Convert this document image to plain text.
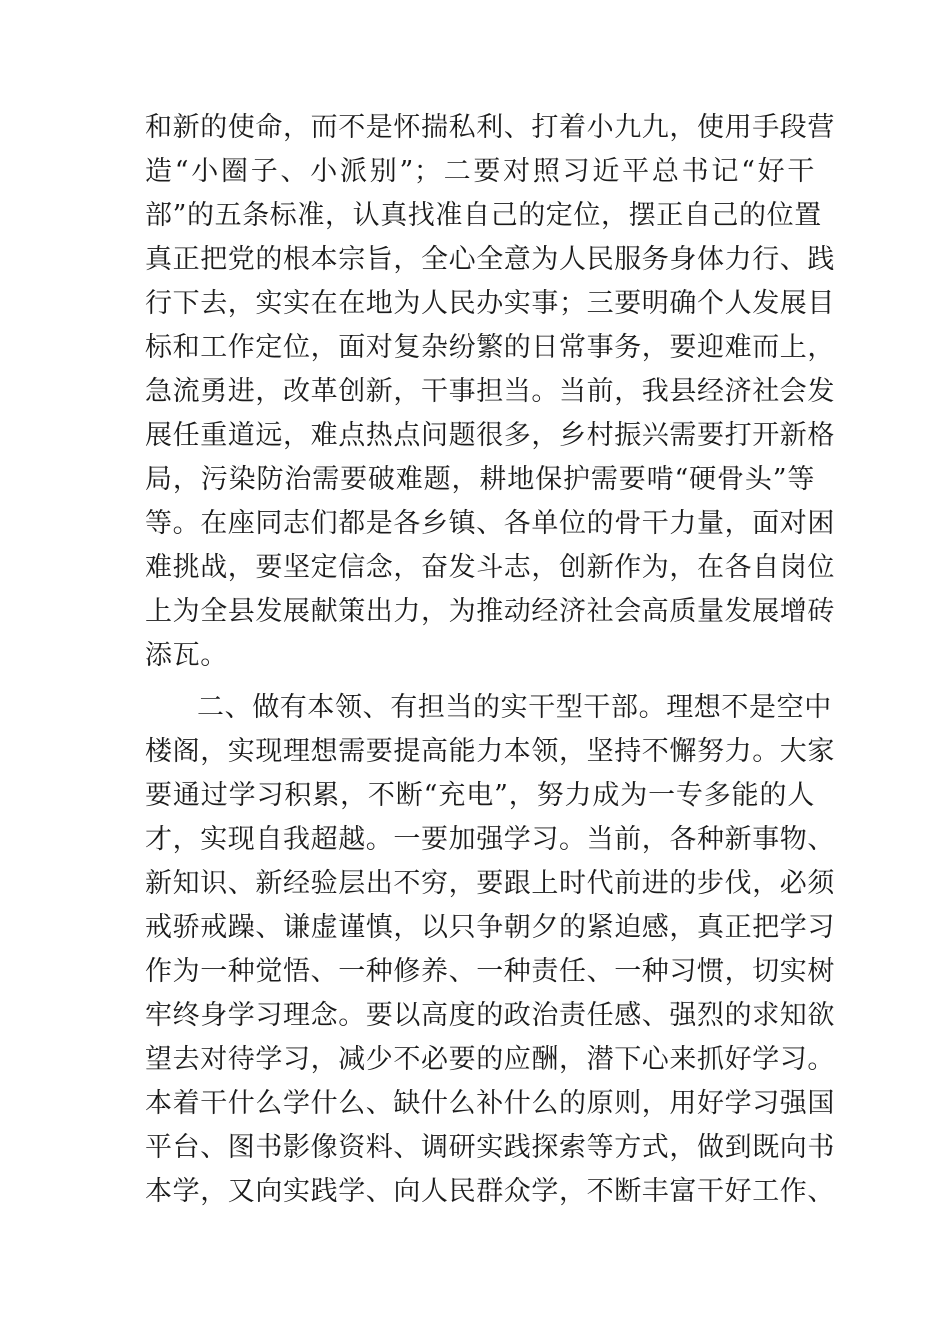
和新的使命，而不是怀揣私利、打着小九九，使用手段营
造“小圈子、小派别”；二要对照习近平总书记“好干
部”的五条标准，认真找准自己的定位，摆正自己的位置
真正把党的根本宗旨，全心全意为人民服务身体力行、践
行下去，实实在在地为人民办实事；三要明确个人发展目
标和工作定位，面对复杂纷繁的日常事务，要迎难而上，
急流勇进，改革创新，干事担当。当前，我县经济社会发
展任重道远，难点热点问题很多，乡村振兴需要打开新格
局，污染防治需要破难题，耕地保护需要啃“硬骨头”等
等。在座同志们都是各乡镇、各单位的骨干力量，面对困
难挑战，要坚定信念，奋发斗志，创新作为，在各自岗位
上为全县发展献策出力，为推动经济社会高质量发展增砖
添瓦。
二、做有本领、有担当的实干型干部。理想不是空中
楼阁，实现理想需要提高能力本领，坚持不懈努力。大家
要通过学习积累，不断“充电”，努力成为一专多能的人
才，实现自我超越。一要加强学习。当前，各种新事物、
新知识、新经验层出不穷，要跟上时代前进的步伐，必须
戒骄戒躁、谦虚谨慎，以只争朝夕的紧迫感，真正把学习
作为一种觉悟、一种修养、一种责任、一种习惯，切实树
牢终身学习理念。要以高度的政治责任感、强烈的求知欲
望去对待学习，减少不必要的应酬，潜下心来抓好学习。
本着干什么学什么、缺什么补什么的原则，用好学习强国
平台、图书影像资料、调研实践探索等方式，做到既向书
本学，又向实践学、向人民群众学，不断丰富干好工作、
